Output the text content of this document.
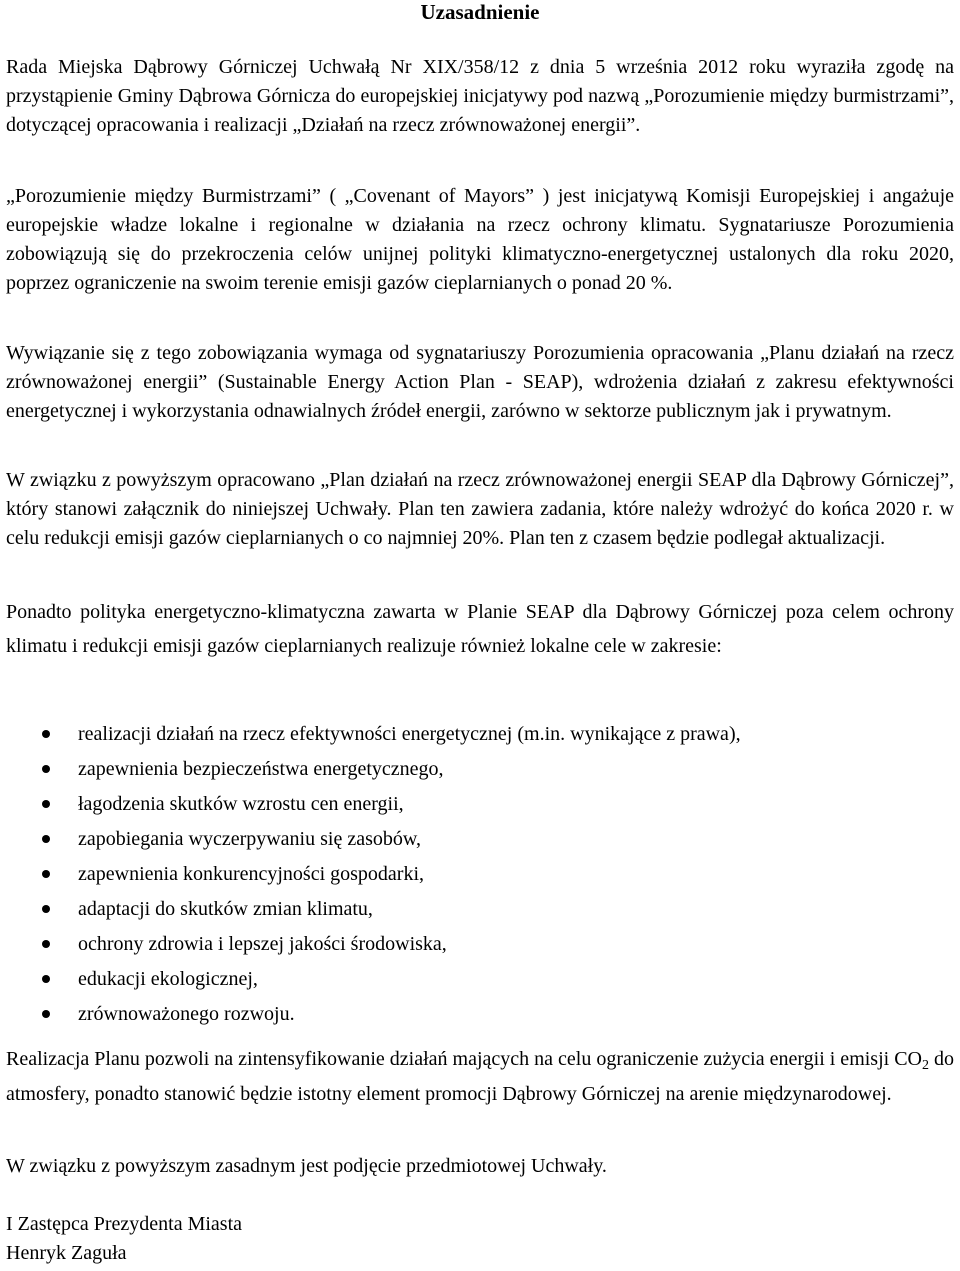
Uzasadnienie

Rada Miejska Dąbrowy Górniczej Uchwałą Nr XIX/358/12 z dnia 5 września 2012 roku wyraziła zgodę na przystąpienie Gminy Dąbrowa Górnicza do europejskiej inicjatywy pod nazwą „Porozumienie między burmistrzami”, dotyczącej opracowania i realizacji „Działań na rzecz zrównoważonej energii”.

„Porozumienie między Burmistrzami” ( „Covenant of Mayors” ) jest inicjatywą Komisji Europejskiej i angażuje europejskie władze lokalne i regionalne w działania na rzecz ochrony klimatu. Sygnatariusze Porozumienia zobowiązują się do przekroczenia celów unijnej polityki klimatyczno-energetycznej ustalonych dla roku 2020, poprzez ograniczenie na swoim terenie emisji gazów cieplarnianych o ponad 20 %.

Wywiązanie się z tego zobowiązania wymaga od sygnatariuszy Porozumienia opracowania „Planu działań na rzecz zrównoważonej energii” (Sustainable Energy Action Plan - SEAP), wdrożenia działań z zakresu efektywności energetycznej i wykorzystania odnawialnych źródeł energii, zarówno w sektorze publicznym jak i prywatnym.

W związku z powyższym opracowano „Plan działań na rzecz zrównoważonej energii SEAP dla Dąbrowy Górniczej”, który stanowi załącznik do niniejszej Uchwały. Plan ten zawiera zadania, które należy wdrożyć do końca 2020 r. w celu redukcji emisji gazów cieplarnianych o co najmniej 20%. Plan ten z czasem będzie podlegał aktualizacji.

Ponadto polityka energetyczno-klimatyczna zawarta w Planie SEAP dla Dąbrowy Górniczej poza celem ochrony klimatu i redukcji emisji gazów cieplarnianych realizuje również lokalne cele w zakresie:

realizacji działań na rzecz efektywności energetycznej (m.in. wynikające z prawa),
zapewnienia bezpieczeństwa energetycznego,
łagodzenia skutków wzrostu cen energii,
zapobiegania wyczerpywaniu się zasobów,
zapewnienia konkurencyjności gospodarki,
adaptacji do skutków zmian klimatu,
ochrony zdrowia i lepszej jakości środowiska,
edukacji ekologicznej,
zrównoważonego rozwoju.

Realizacja Planu pozwoli na zintensyfikowanie działań mających na celu ograniczenie zużycia energii i emisji $CO_2$ do atmosfery, ponadto stanowić będzie istotny element promocji Dąbrowy Górniczej na arenie międzynarodowej.

W związku z powyższym zasadnym jest podjęcie przedmiotowej Uchwały.

I Zastępca Prezydenta Miasta
Henryk Zaguła
